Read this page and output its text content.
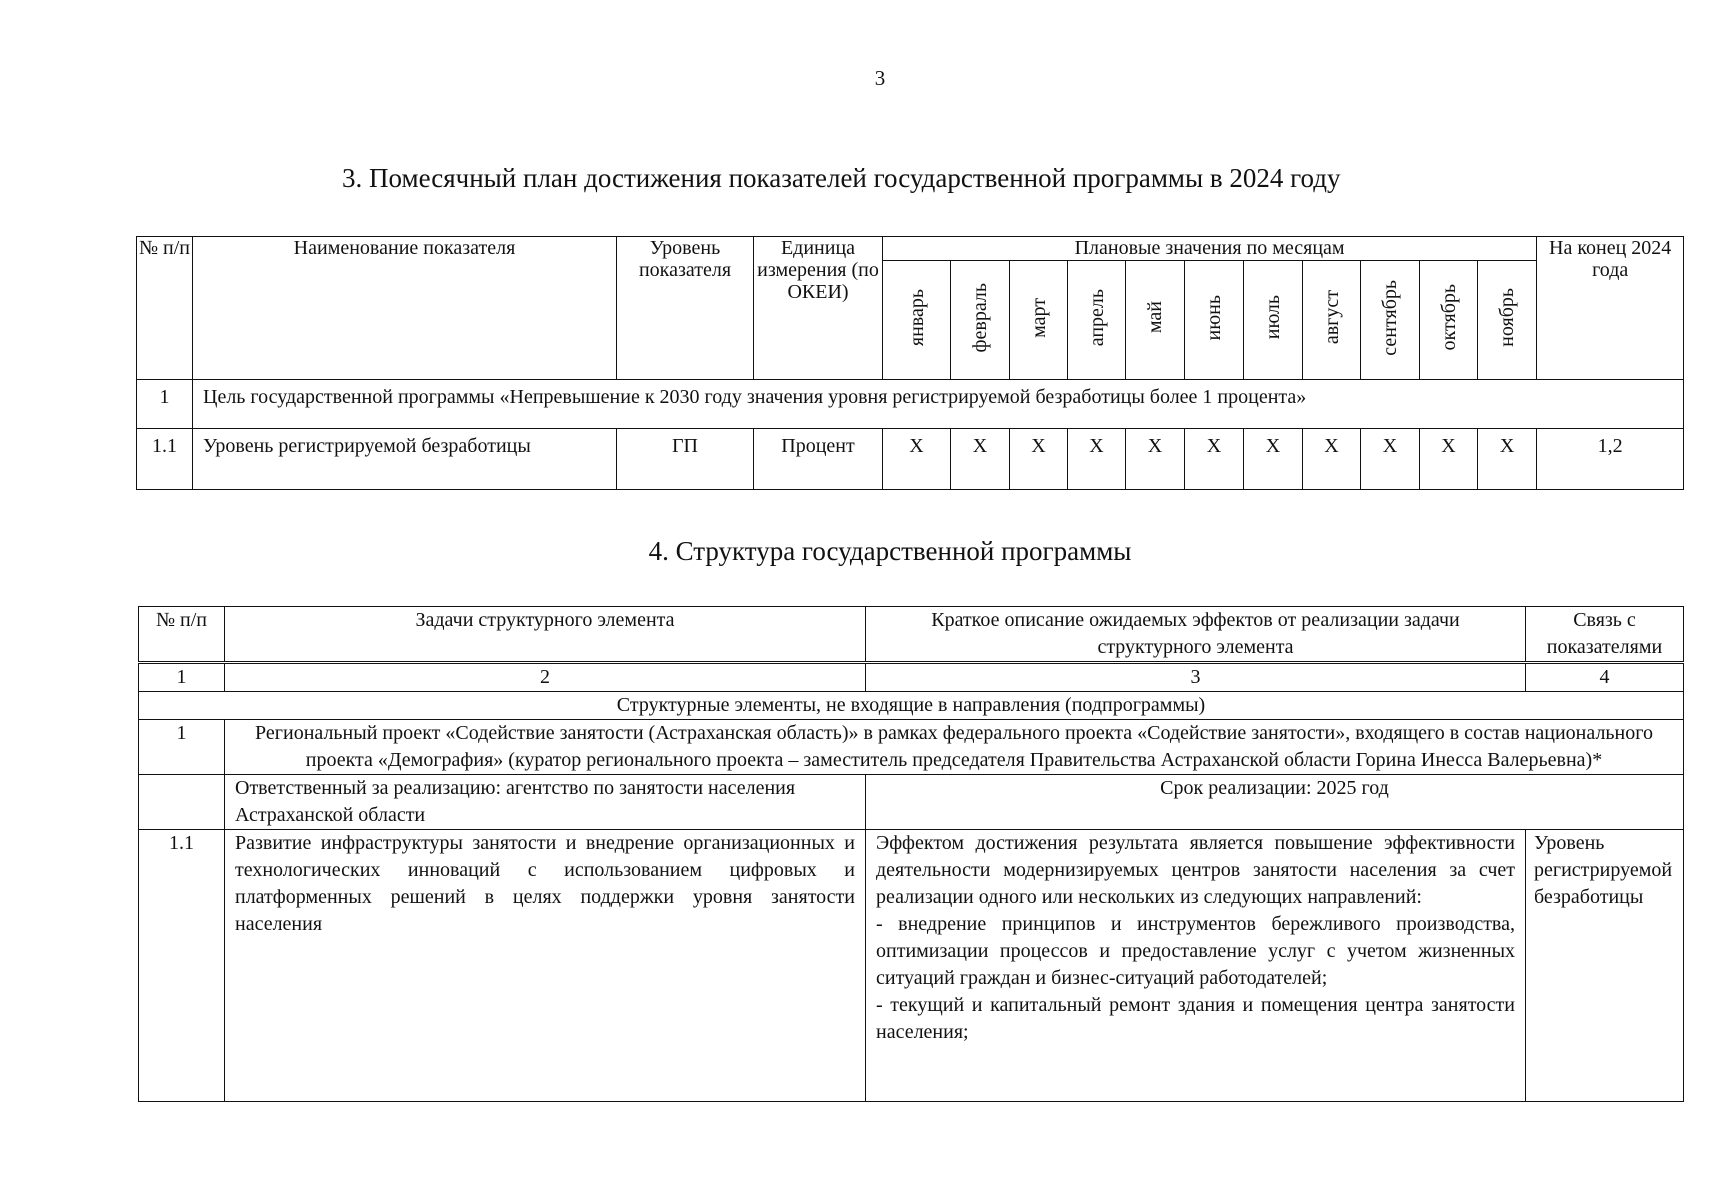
3
3. Помесячный план достижения показателей государственной программы в 2024 году
№ п/п	Наименование показателя	Уровень показателя	Единица измерения (по ОКЕИ)	Плановые значения по месяцам											На конец 2024 года
				январь	февраль	март	апрель	май	июнь	июль	август	сентябрь	октябрь	ноябрь	
1	Цель государственной программы «Непревышение к 2030 году значения уровня регистрируемой безработицы более 1 процента»														
1.1	Уровень регистрируемой безработицы	ГП	Процент	X	X	X	X	X	X	X	X	X	X	X	1,2
4. Структура государственной программы
№ п/п	Задачи структурного элемента	Краткое описание ожидаемых эффектов от реализации задачи структурного элемента	Связь с показателями
1	2	3	4
Структурные элементы, не входящие в направления (подпрограммы)			
1	Региональный проект «Содействие занятости (Астраханская область)» в рамках федерального проекта «Содействие занятости», входящего в состав национального проекта «Демография» (куратор регионального проекта – заместитель председателя Правительства Астраханской области Горина Инесса Валерьевна)*		
	Ответственный за реализацию: агентство по занятости населения Астраханской области	Срок реализации: 2025 год	
1.1	Развитие инфраструктуры занятости и внедрение организационных и технологических инноваций с использованием цифровых и платформенных решений в целях поддержки уровня занятости населения	Эффектом достижения результата является повышение эффективности деятельности модернизируемых центров занятости населения за счет реализации одного или нескольких из следующих направлений:
- внедрение принципов и инструментов бережливого производства, оптимизации процессов и предоставление услуг с учетом жизненных ситуаций граждан и бизнес-ситуаций работодателей;
- текущий и капитальный ремонт здания и помещения центра занятости населения;	Уровень регистрируемой безработицы
